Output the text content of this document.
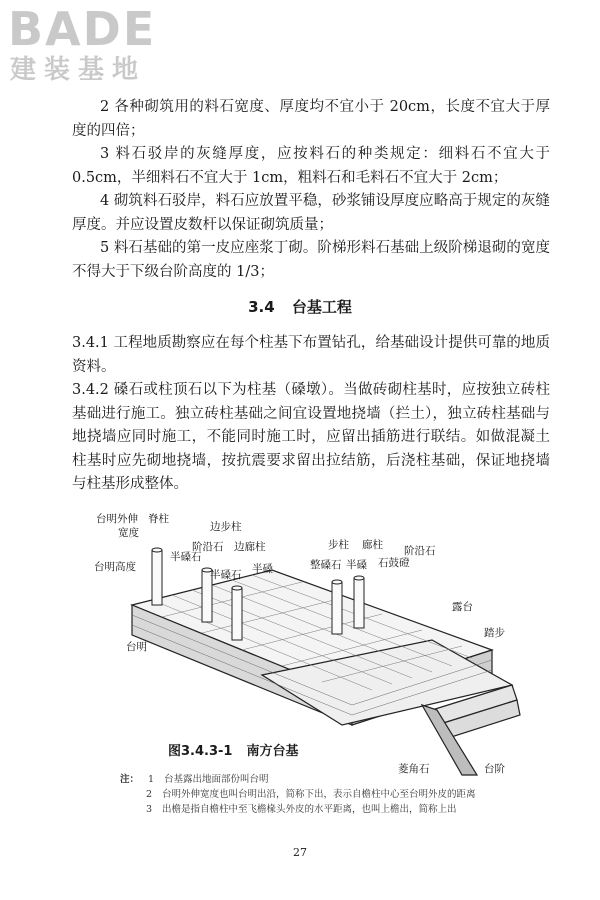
BADE
建装基地

2 各种砌筑用的料石宽度、厚度均不宜小于 20cm，长度不宜大于厚度的四倍；

3 料石驳岸的灰缝厚度，应按料石的种类规定：细料石不宜大于 0.5cm，半细料石不宜大于 1cm，粗料石和毛料石不宜大于 2cm；

4 砌筑料石驳岸，料石应放置平稳，砂浆铺设厚度应略高于规定的灰缝厚度。并应设置皮数杆以保证砌筑质量；

5 料石基础的第一皮应座浆丁砌。阶梯形料石基础上级阶梯退砌的宽度不得大于下级台阶高度的 1/3；

3.4 台基工程

3.4.1 工程地质勘察应在每个柱基下布置钻孔，给基础设计提供可靠的地质资料。

3.4.2 磉石或柱顶石以下为柱基（磉墩）。当做砖砌柱基时，应按独立砖柱基础进行施工。独立砖柱基础之间宜设置地挠墙（拦土），独立砖柱基础与地挠墙应同时施工，不能同时施工时，应留出插筋进行联结。如做混凝土柱基时应先砌地挠墙，按抗震要求留出拉结筋，后浇柱基础，保证地挠墙与柱基形成整体。

台明外伸
宽度
台明高度
台明
脊柱
半磉石
阶沿石
边步柱
边廊柱
半磉石 半磉
步柱
整磉石 半磉
廊柱
石鼓磴
阶沿石
露台
踏步
菱角石	台阶
图3.4.3-1 南方台基
注： 1 台基露出地面部份叫台明
2 台明外伸宽度也叫台明出沿，简称下出，表示自檐柱中心至台明外皮的距离
3 出檐是指自檐柱中至飞檐椽头外皮的水平距离，也叫上檐出，简称上出
27
